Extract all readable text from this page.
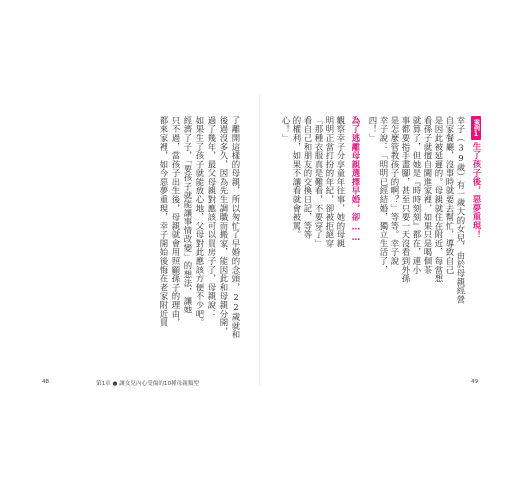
案例1
生了孩子後，惡夢重現！
幸子（39歲）有一歲大的女兒，由於母親經營
自家餐廳，沒事時就要去幫忙，導致自己
是因此被延遲的。母親就住在附近，每當想
看孫子就擅自闖進家裡，如果只是喝個茶
就算了，但她是『時時刻刻』都在，連小
事都要指手畫腳，甚至只要一天沒看到外孫
是怎麼管教孩子的啊？」等等。幸子說
幸子說：「明明已經結婚，獨立生活了，
四！」
為了逃離母親選擇早婚，卻……
觀察幸子分享童年往事，她的母親
明明正當打扮的年紀，卻被拒絕穿
「那種衣服真是難看，不要穿了」
看自己和朋友的交換日記，等等
的權利，如果不讓看就會被罵。
心！」
了離開這樣的母親，所以匆忙了早婚的念頭，22歲就和
後過沒多久，因為先生調職而搬家，能因此和母親分開，
過了幾年，最父母親對應該可以買房子了，母親說：
如果生了孩子就能放心地，父母對此應該方便不少吧。
經濟了子，「要孩子就能讓事情改變」的想法，讓她
只不過，當孩子出生後，母親就會用照顧孫子的理由，
都來家裡，如今惡夢重現，幸子開始後悔在老家附近買
48	第1章 ● 讓女兒內心受傷的10種母親類型	49
